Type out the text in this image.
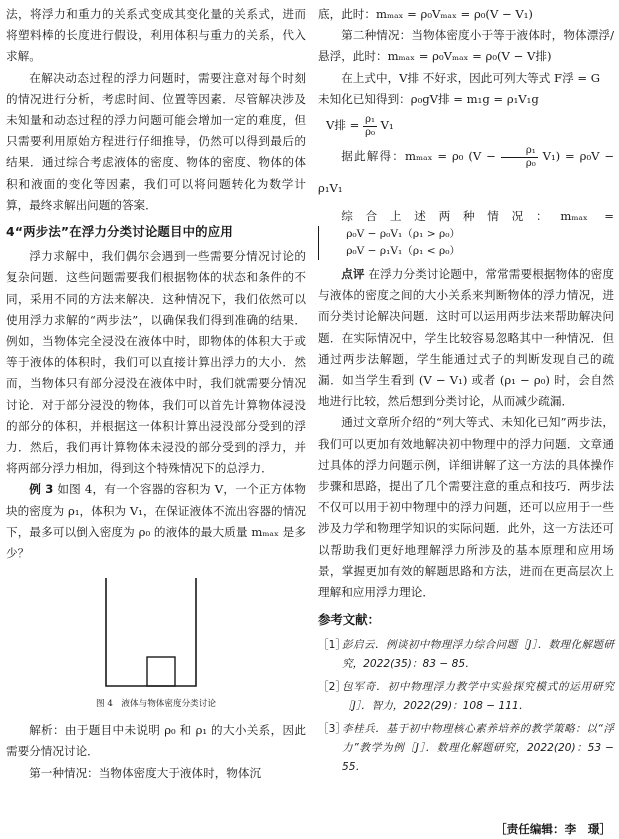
法，将浮力和重力的关系式变成其变化量的关系式，进而将塑料棒的长度进行假设，利用体积与重力的关系，代入求解。

在解决动态过程的浮力问题时，需要注意对每个时刻的情况进行分析，考虑时间、位置等因素．尽管解决涉及未知量和动态过程的浮力问题可能会增加一定的难度，但只需要利用原始方程进行仔细推导，仍然可以得到最后的结果．通过综合考虑液体的密度、物体的密度、物体的体积和液面的变化等因素，我们可以将问题转化为数学计算，最终求解出问题的答案．

4“两步法”在浮力分类讨论题目中的应用

浮力求解中，我们偶尔会遇到一些需要分情况讨论的复杂问题．这些问题需要我们根据物体的状态和条件的不同，采用不同的方法来解决．这种情况下，我们依然可以使用浮力求解的“两步法”，以确保我们得到准确的结果．例如，当物体完全浸没在液体中时，即物体的体积大于或等于液体的体积时，我们可以直接计算出浮力的大小．然而，当物体只有部分浸没在液体中时，我们就需要分情况讨论．对于部分浸没的物体，我们可以首先计算物体浸没的部分的体积，并根据这一体积计算出浸没部分受到的浮力．然后，我们再计算物体未浸没的部分受到的浮力，并将两部分浮力相加，得到这个特殊情况下的总浮力．

例 3 如图 4，有一个容器的容积为 V，一个正方体物块的密度为 ρ₁，体积为 V₁，在保证液体不流出容器的情况下，最多可以倒入密度为 ρ₀ 的液体的最大质量 mₘₐₓ 是多少？

图 4　液体与物体密度分类讨论

解析：由于题目中未说明 ρ₀ 和 ρ₁ 的大小关系，因此需要分情况讨论．

第一种情况：当物体密度大于液体时，物体沉

底，此时：mₘₐₓ = ρ₀Vₘₐₓ = ρ₀(V − V₁)

第二种情况：当物体密度小于等于液体时，物体漂浮/悬浮，此时：mₘₐₓ = ρ₀Vₘₐₓ = ρ₀(V − V排)

在上式中，V排 不好求，因此可列大等式 F浮 = G

未知化已知得到：ρ₀gV排 = m₁g = ρ₁V₁g

V排 = $\frac{\text{ρ₁}}{\text{ρ₀}} V_1$

据此解得：mₘₐₓ = ρ₀ $(V - \frac{\text{ρ₁}}{\text{ρ₀}} V_1) = \rho_0V - \rho_1V_1$

综合上述两种情况：mₘₐₓ =
ρ₀V − ρ₀V₁（ρ₁ > ρ₀）
ρ₀V − ρ₁V₁（ρ₁ < ρ₀）

点评 在浮力分类讨论题中，常常需要根据物体的密度与液体的密度之间的大小关系来判断物体的浮力情况，进而分类讨论解决问题．这时可以运用两步法来帮助解决问题．在实际情况中，学生比较容易忽略其中一种情况．但通过两步法解题，学生能通过式子的判断发现自己的疏漏．如当学生看到 (V − V₁) 或者 (ρ₁ − ρ₀) 时，会自然地进行比较，然后想到分类讨论，从而减少疏漏．

通过文章所介绍的“列大等式、未知化已知”两步法，我们可以更加有效地解决初中物理中的浮力问题．文章通过具体的浮力问题示例，详细讲解了这一方法的具体操作步骤和思路，提出了几个需要注意的重点和技巧．两步法不仅可以用于初中物理中的浮力问题，还可以应用于一些涉及力学和物理学知识的实际问题．此外，这一方法还可以帮助我们更好地理解浮力所涉及的基本原理和应用场景，掌握更加有效的解题思路和方法，进而在更高层次上理解和应用浮力理论．

参考文献：
［1］
彭启云．例谈初中物理浮力综合问题［J］．数理化解题研究，2022(35)：83 − 85．
［2］
包军奇．初中物理浮力教学中实验探究模式的运用研究［J］．智力，2022(29)：108 − 111．
［3］
李桂兵．基于初中物理核心素养培养的教学策略：以“浮力”教学为例［J］．数理化解题研究，2022(20)：53 − 55．
［责任编辑：李　璟］
